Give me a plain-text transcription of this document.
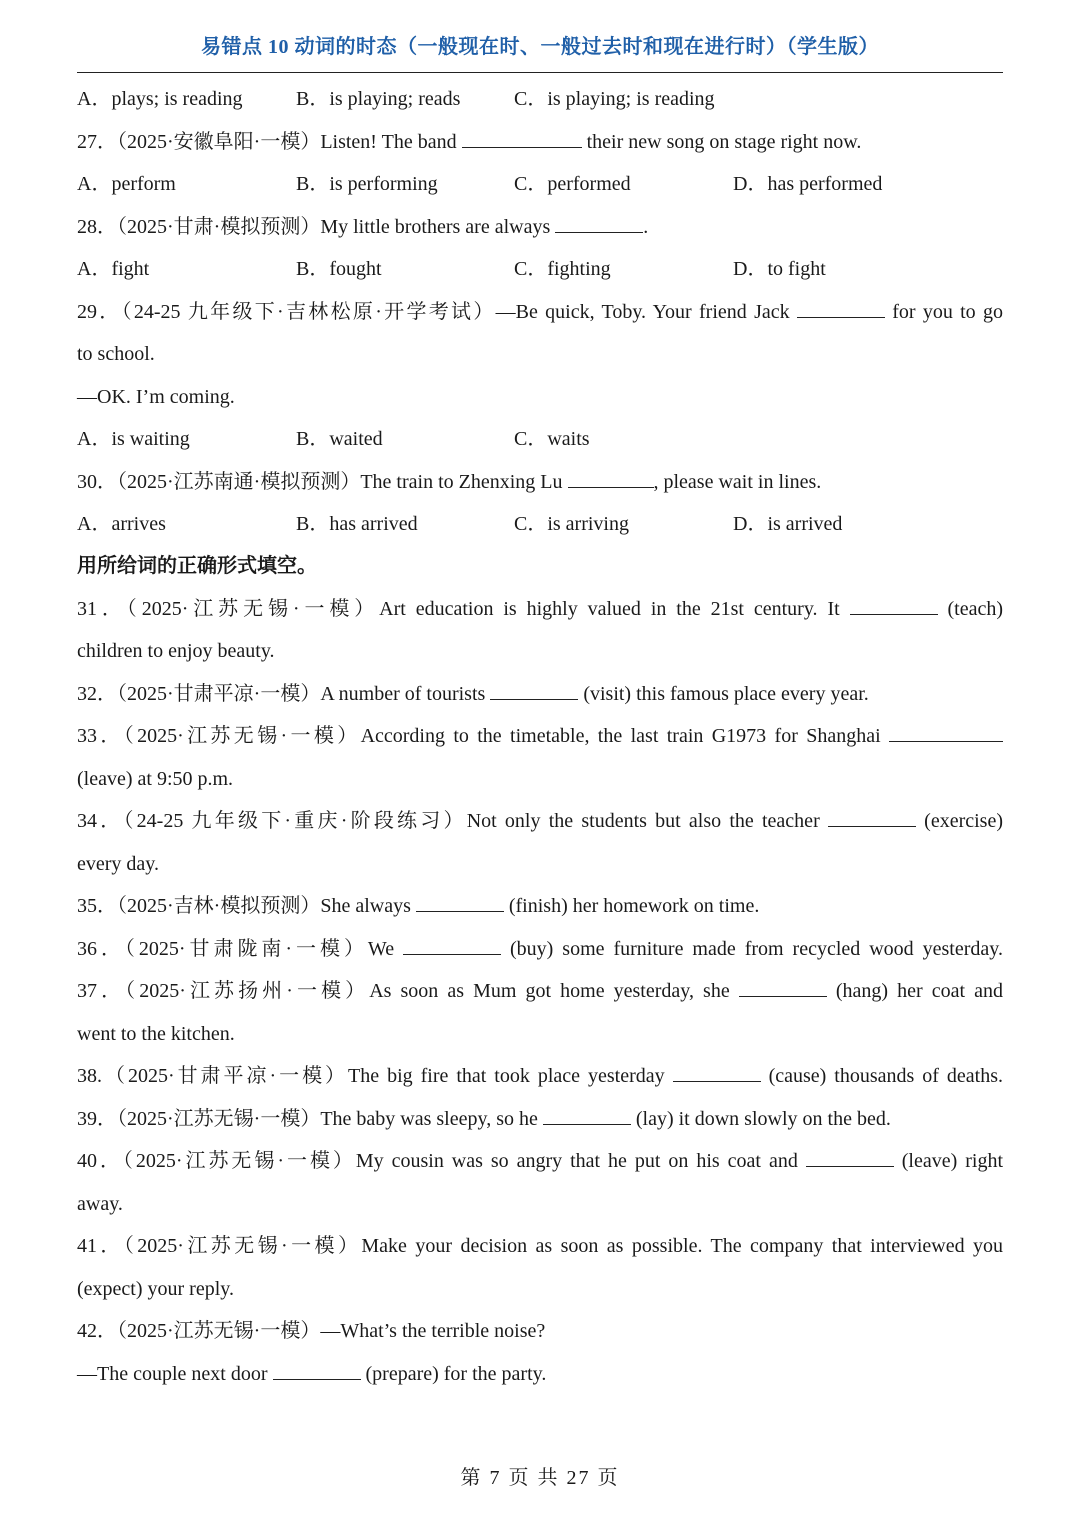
易错点 10 动词的时态（一般现在时、一般过去时和现在进行时）（学生版）
A．plays; is reading	B．is playing; reads	C．is playing; is reading
27．（2025·安徽阜阳·一模）Listen! The band	their new song on stage right now.
A．perform	B．is performing	C．performed	D．has performed
28．（2025·甘肃·模拟预测）My little brothers are always	.
A．fight	B．fought	C．fighting	D．to fight
29．（24-25 九年级下·吉林松原·开学考试）—Be quick, Toby. Your friend Jack	for you to go
to school.
—OK. I’m coming.
A．is waiting	B．waited	C．waits
30．（2025·江苏南通·模拟预测）The train to Zhenxing Lu	, please wait in lines.
A．arrives	B．has arrived	C．is arriving	D．is arrived
用所给词的正确形式填空。
31．（2025·江苏无锡·一模）Art education is highly valued in the 21st century. It	(teach)
children to enjoy beauty.
32．（2025·甘肃平凉·一模）A number of tourists	(visit) this famous place every year.
33．（2025·江苏无锡·一模）According to the timetable, the last train G1973 for Shanghai
(leave) at 9:50 p.m.
34．（24-25 九年级下·重庆·阶段练习）Not only the students but also the teacher	(exercise)
every day.
35．（2025·吉林·模拟预测）She always	(finish) her homework on time.
36．（2025·甘肃陇南·一模）We	(buy) some furniture made from recycled wood yesterday.
37．（2025·江苏扬州·一模）As soon as Mum got home yesterday, she	(hang) her coat and
went to the kitchen.
38.（2025·甘肃平凉·一模）The big fire that took place yesterday	(cause) thousands of deaths.
39．（2025·江苏无锡·一模）The baby was sleepy, so he	(lay) it down slowly on the bed.
40．（2025·江苏无锡·一模）My cousin was so angry that he put on his coat and	(leave) right
away.
41．（2025·江苏无锡·一模）Make your decision as soon as possible. The company that interviewed you
(expect) your reply.
42．（2025·江苏无锡·一模）—What’s the terrible noise?
—The couple next door	(prepare) for the party.
第 7 页 共 27 页
